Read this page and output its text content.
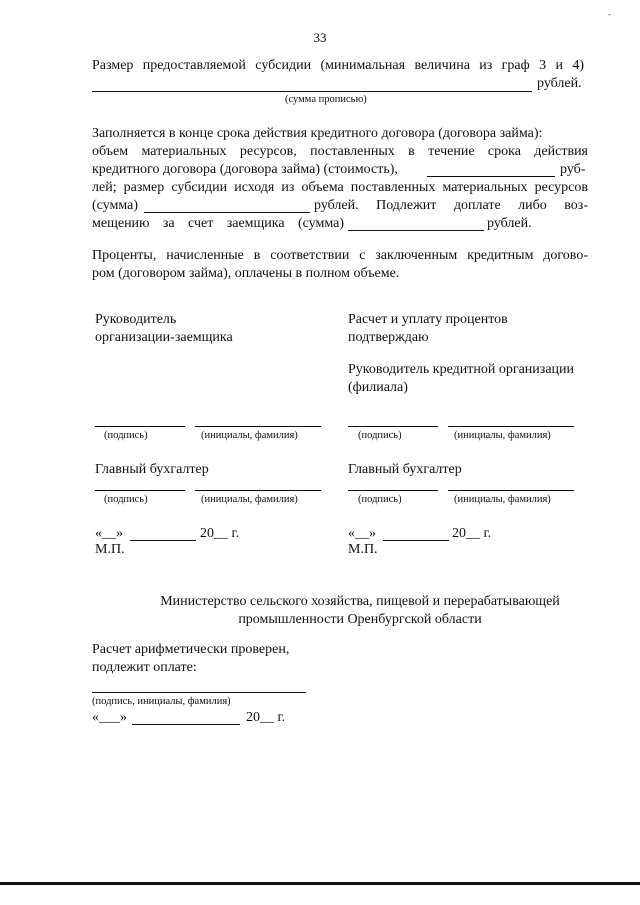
33
-
Размер предоставляемой субсидии (минимальная величина из граф 3 и 4)
рублей.
(сумма прописью)
Заполняется в конце срока действия кредитного договора (договора займа):
объем материальных ресурсов, поставленных в течение срока действия
кредитного договора (договора займа) (стоимость),	руб-
лей; размер субсидии исходя из объема поставленных материальных ресурсов
(сумма)	рублей. Подлежит доплате либо воз-
мещению за счет заемщика (сумма)	рублей.
Проценты, начисленные в соответствии с заключенным кредитным догово-
ром (договором займа), оплачены в полном объеме.
Руководитель
организации-заемщика
(подпись)	(инициалы, фамилия)
Главный бухгалтер
(подпись)	(инициалы, фамилия)
«__»	20__ г.
М.П.
Расчет и уплату процентов
подтверждаю
Руководитель кредитной организации
(филиала)
(подпись)	(инициалы, фамилия)
Главный бухгалтер
(подпись)	(инициалы, фамилия)
«__»	20__ г.
М.П.
Министерство сельского хозяйства, пищевой и перерабатывающей
промышленности Оренбургской области
Расчет арифметически проверен,
подлежит оплате:
(подпись, инициалы, фамилия)
«___»	20__ г.
